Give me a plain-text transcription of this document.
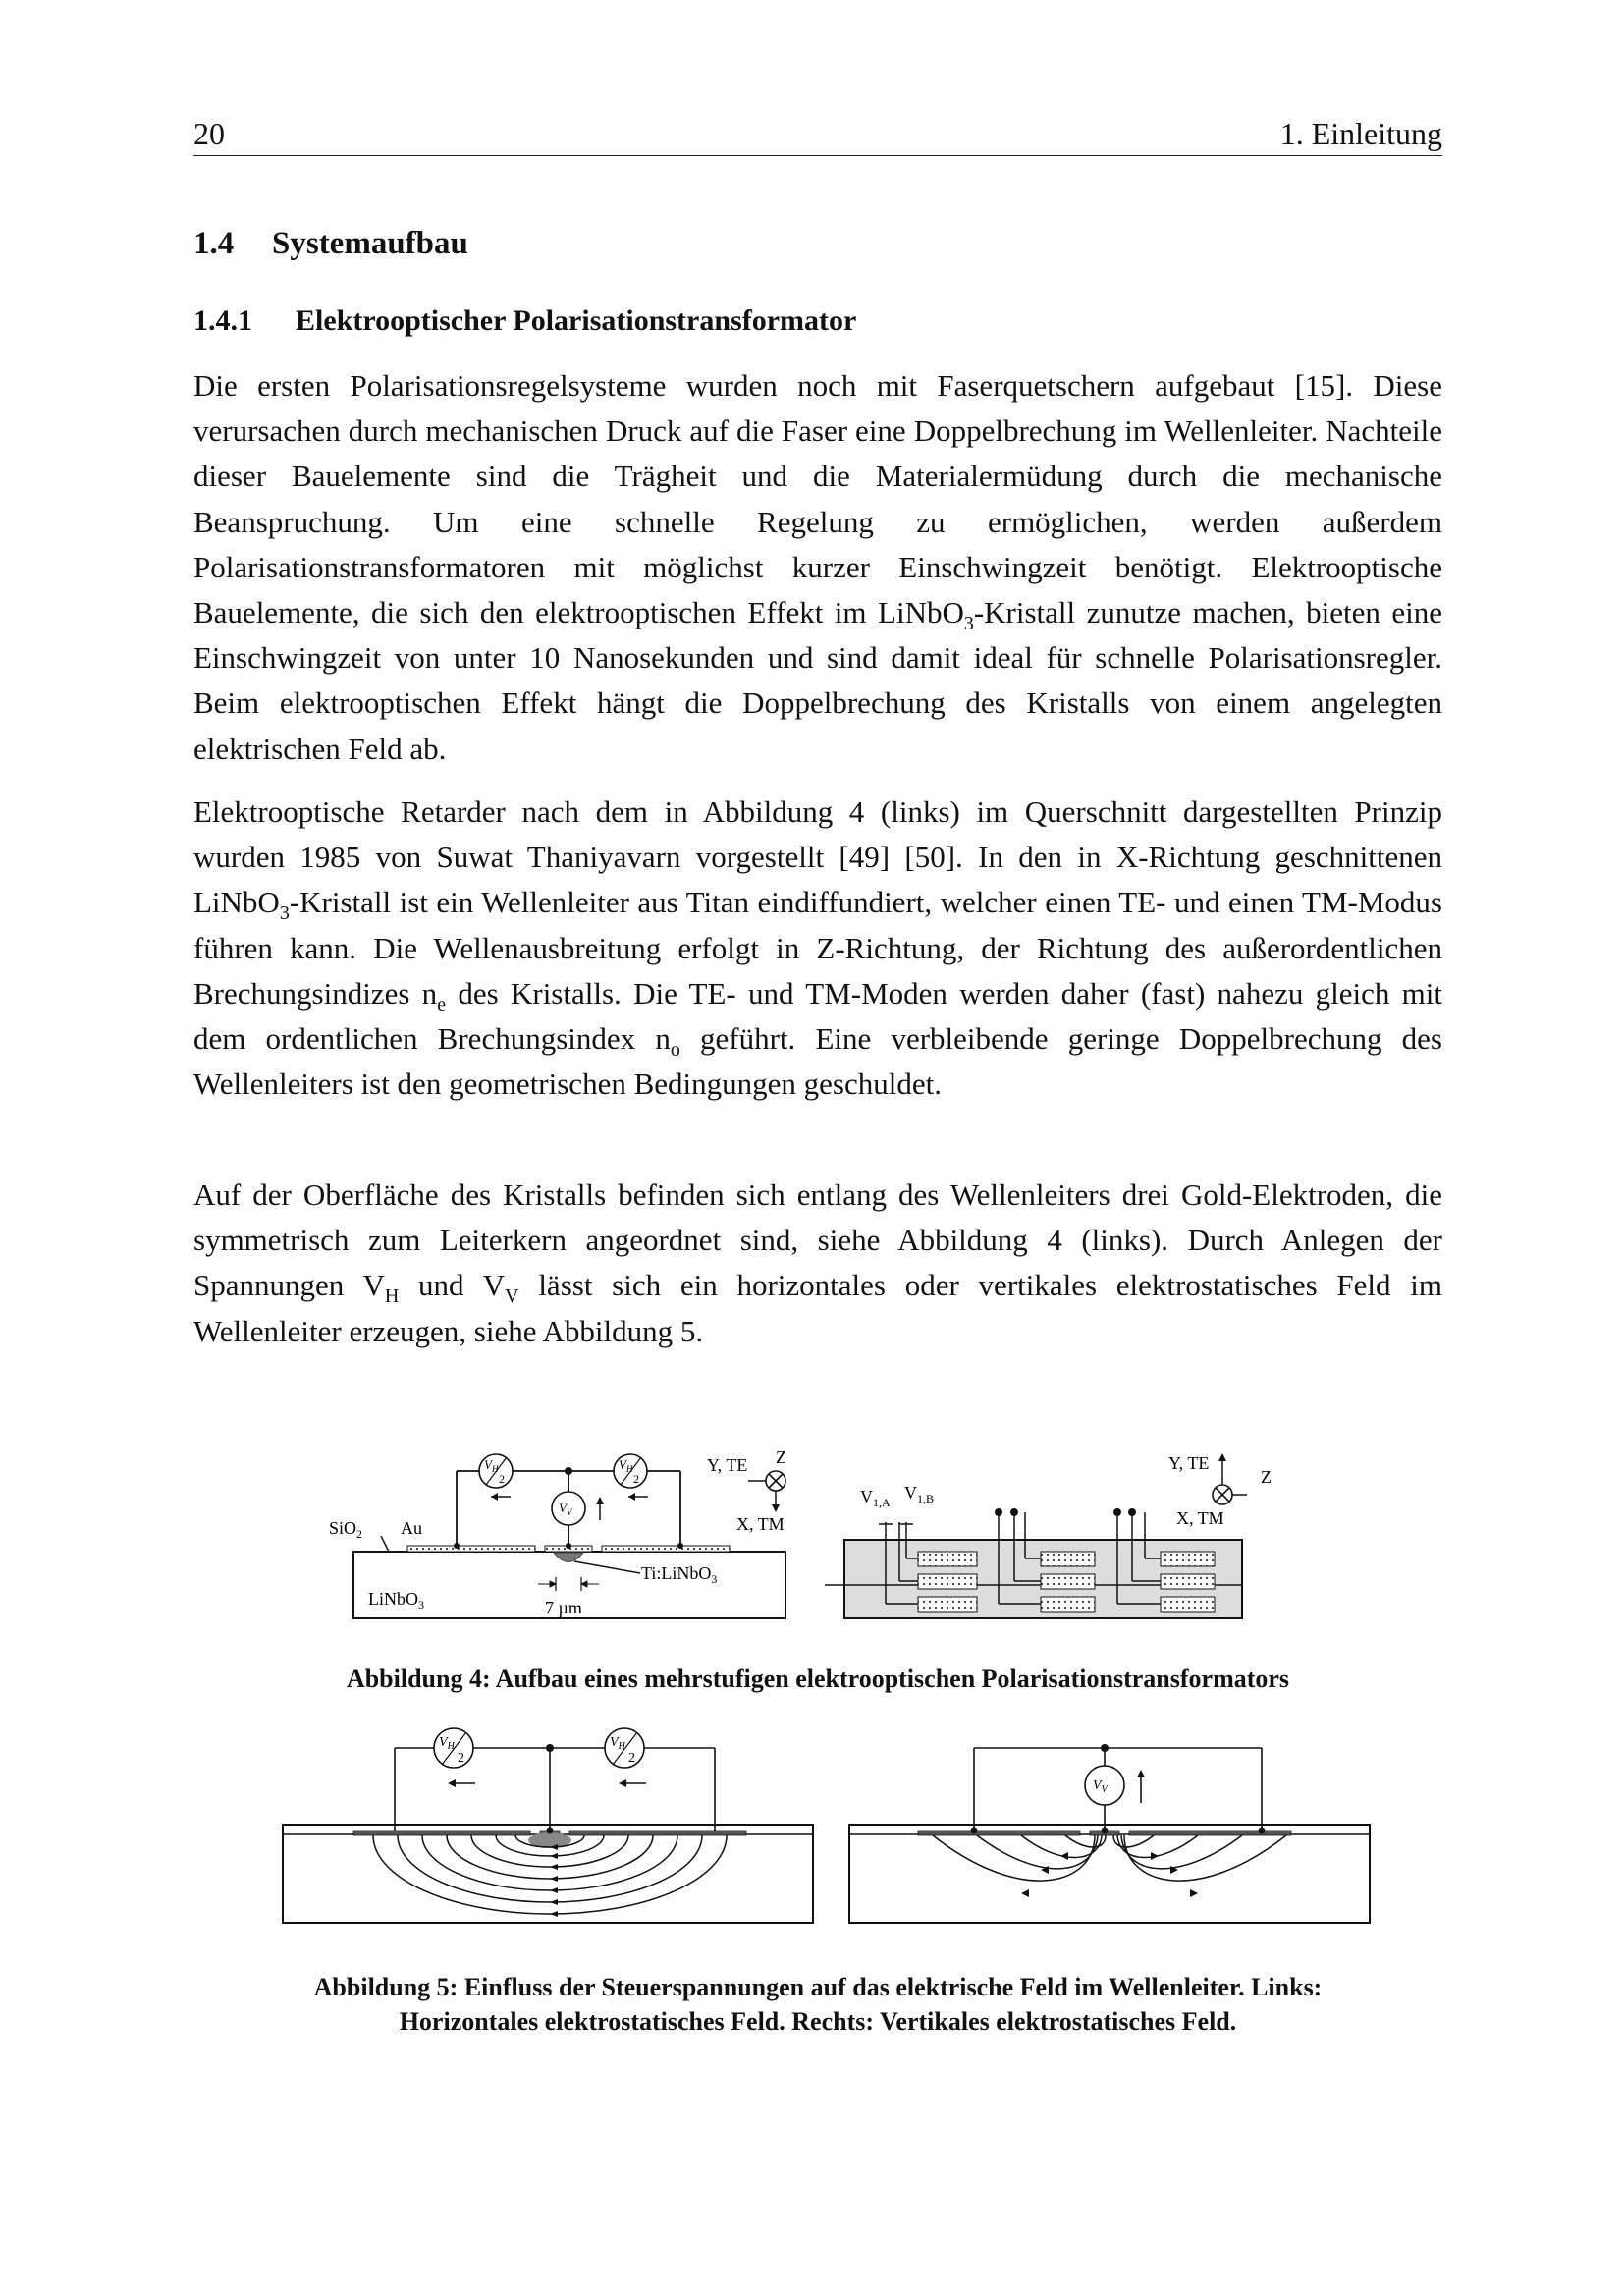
20	1. Einleitung
1.4 Systemaufbau
1.4.1 Elektrooptischer Polarisationstransformator

Die ersten Polarisationsregelsysteme wurden noch mit Faserquetschern aufgebaut [15]. Diese verursachen durch mechanischen Druck auf die Faser eine Doppelbrechung im Wellenleiter. Nachteile dieser Bauelemente sind die Trägheit und die Materialermüdung durch die mechanische Beanspruchung. Um eine schnelle Regelung zu ermöglichen, werden außerdem Polarisationstransformatoren mit möglichst kurzer Einschwingzeit benötigt. Elektrooptische Bauelemente, die sich den elektrooptischen Effekt im LiNbO$_3$-Kristall zunutze machen, bieten eine Einschwingzeit von unter 10 Nanosekunden und sind damit ideal für schnelle Polarisationsregler. Beim elektrooptischen Effekt hängt die Doppelbrechung des Kristalls von einem angelegten elektrischen Feld ab.

Elektrooptische Retarder nach dem in Abbildung 4 (links) im Querschnitt dargestellten Prinzip wurden 1985 von Suwat Thaniyavarn vorgestellt [49] [50]. In den in X-Richtung geschnittenen LiNbO$_3$-Kristall ist ein Wellenleiter aus Titan eindiffundiert, welcher einen TE- und einen TM-Modus führen kann. Die Wellenausbreitung erfolgt in Z-Richtung, der Richtung des außerordentlichen Brechungsindizes $n_e$ des Kristalls. Die TE- und TM-Moden werden daher (fast) nahezu gleich mit dem ordentlichen Brechungsindex $n_o$ geführt. Eine verbleibende geringe Doppelbrechung des Wellenleiters ist den geometrischen Bedingungen geschuldet.

Auf der Oberfläche des Kristalls befinden sich entlang des Wellenleiters drei Gold-Elektroden, die symmetrisch zum Leiterkern angeordnet sind, siehe Abbildung 4 (links). Durch Anlegen der Spannungen $V_H$ und $V_V$ lässt sich ein horizontales oder vertikales elektrostatisches Feld im Wellenleiter erzeugen, siehe Abbildung 5.

$V_H$
2
$V_H$
2
$V_V$
SiO$_2$ Au
LiNbO$_3$
Ti:LiNbO$_3$
7 µm
Y, TE Z
X, TM
$V_{1,A}$ $V_{1,B}$
Y, TE
Z
X, TM
Abbildung 4: Aufbau eines mehrstufigen elektrooptischen Polarisationstransformators
$V_H$
2
$V_H$
2
$V_V$
Abbildung 5: Einfluss der Steuerspannungen auf das elektrische Feld im Wellenleiter. Links:
Horizontales elektrostatisches Feld. Rechts: Vertikales elektrostatisches Feld.
